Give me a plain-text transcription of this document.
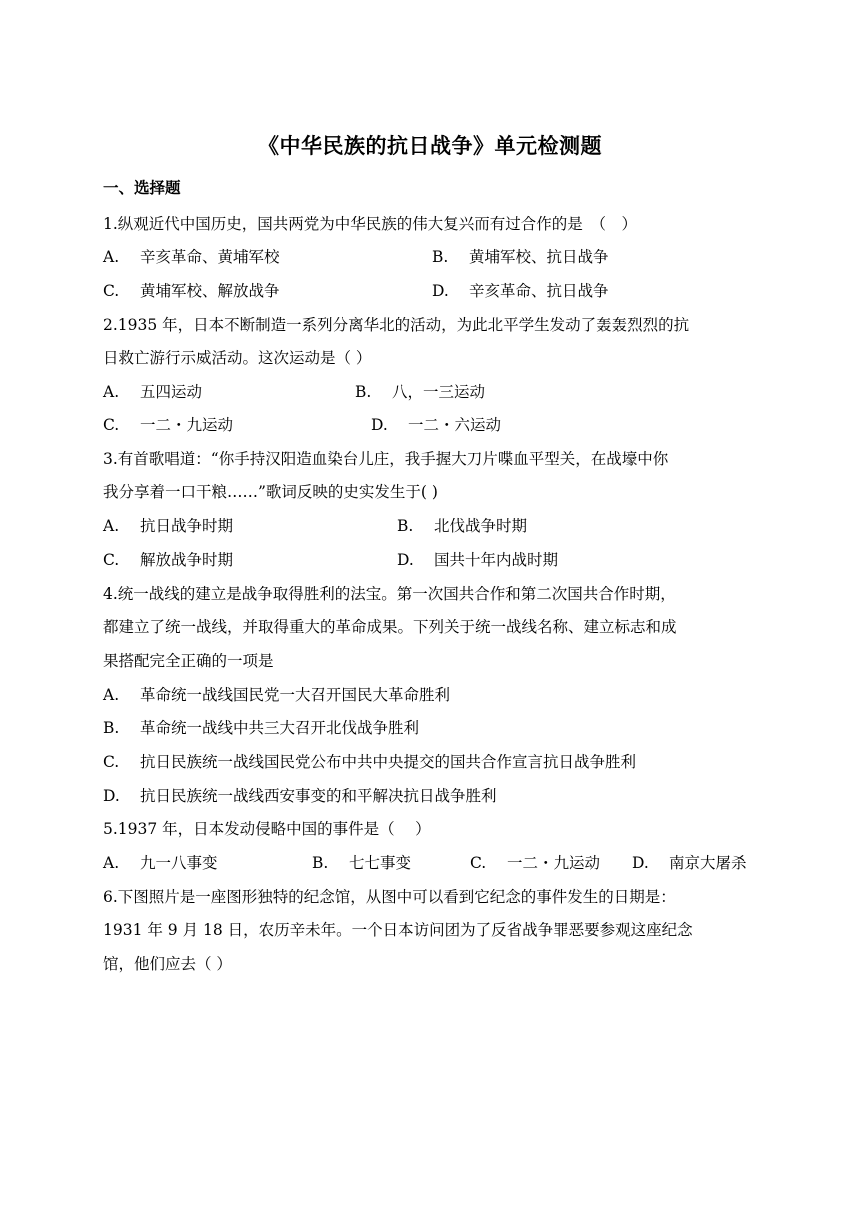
《中华民族的抗日战争》单元检测题
一、选择题
1.纵观近代中国历史，国共两党为中华民族的伟大复兴而有过合作的是　（　）
A. 辛亥革命、黄埔军校	B. 黄埔军校、抗日战争
C. 黄埔军校、解放战争	D. 辛亥革命、抗日战争
2.1935 年，日本不断制造一系列分离华北的活动，为此北平学生发动了轰轰烈烈的抗
日救亡游行示威活动。这次运动是（ ）
A. 五四运动	B. 八，一三运动
C. 一二・九运动	D. 一二・六运动
3.有首歌唱道：“你手持汉阳造血染台儿庄，我手握大刀片喋血平型关，在战壕中你
我分享着一口干粮……”歌词反映的史实发生于( )
A. 抗日战争时期	B. 北伐战争时期
C. 解放战争时期	D. 国共十年内战时期
4.统一战线的建立是战争取得胜利的法宝。第一次国共合作和第二次国共合作时期，
都建立了统一战线，并取得重大的革命成果。下列关于统一战线名称、建立标志和成
果搭配完全正确的一项是
A. 革命统一战线国民党一大召开国民大革命胜利
B. 革命统一战线中共三大召开北伐战争胜利
C. 抗日民族统一战线国民党公布中共中央提交的国共合作宣言抗日战争胜利
D. 抗日民族统一战线西安事变的和平解决抗日战争胜利
5.1937 年，日本发动侵略中国的事件是（　 ）
A. 九一八事变	B. 七七事变	C. 一二・九运动 D. 南京大屠杀
6.下图照片是一座图形独特的纪念馆，从图中可以看到它纪念的事件发生的日期是：
1931 年 9 月 18 日，农历辛未年。一个日本访问团为了反省战争罪恶要参观这座纪念
馆，他们应去（ ）
